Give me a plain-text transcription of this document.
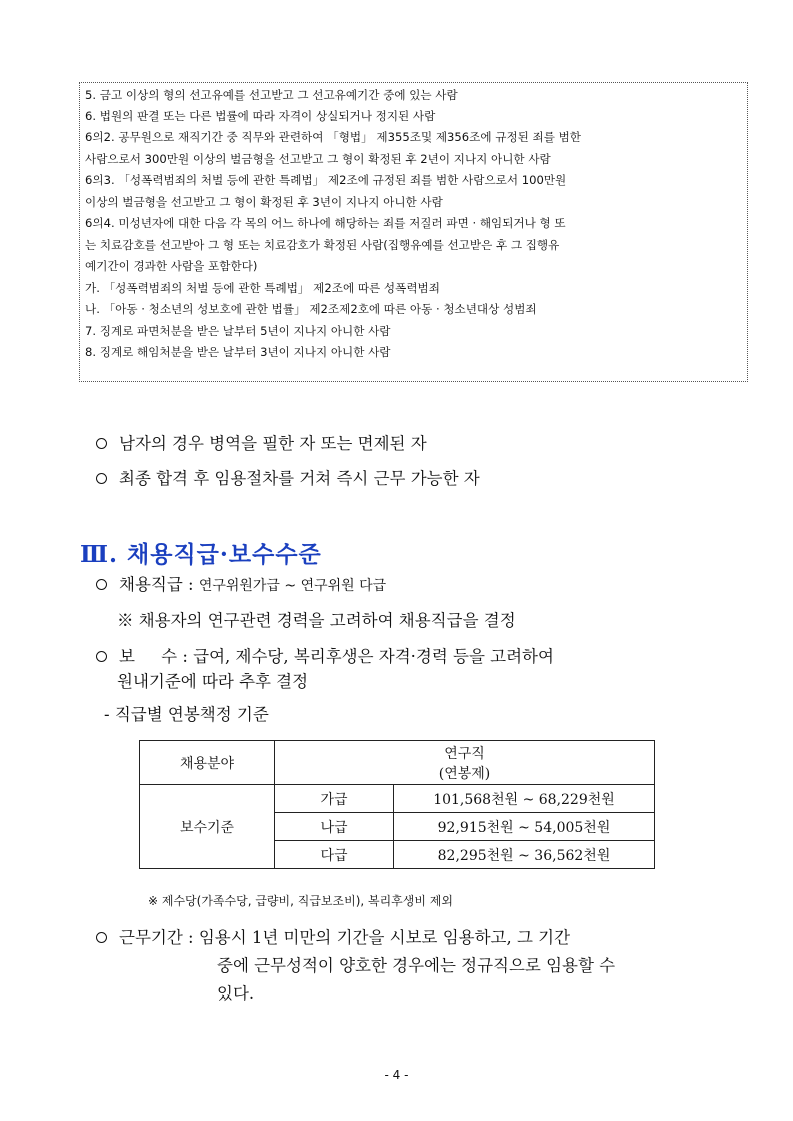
5. 금고 이상의 형의 선고유예를 선고받고 그 선고유예기간 중에 있는 사람
6. 법원의 판결 또는 다른 법률에 따라 자격이 상실되거나 정지된 사람
6의2. 공무원으로 재직기간 중 직무와 관련하여 「형법」 제355조및 제356조에 규정된 죄를 범한
사람으로서 300만원 이상의 벌금형을 선고받고 그 형이 확정된 후 2년이 지나지 아니한 사람
6의3. 「성폭력범죄의 처벌 등에 관한 특례법」 제2조에 규정된 죄를 범한 사람으로서 100만원
이상의 벌금형을 선고받고 그 형이 확정된 후 3년이 지나지 아니한 사람
6의4. 미성년자에 대한 다음 각 목의 어느 하나에 해당하는 죄를 저질러 파면 · 해임되거나 형 또
는 치료감호를 선고받아 그 형 또는 치료감호가 확정된 사람(집행유예를 선고받은 후 그 집행유
예기간이 경과한 사람을 포함한다)
가. 「성폭력범죄의 처벌 등에 관한 특례법」 제2조에 따른 성폭력범죄
나. 「아동 · 청소년의 성보호에 관한 법률」 제2조제2호에 따른 아동 · 청소년대상 성범죄
7. 징계로 파면처분을 받은 날부터 5년이 지나지 아니한 사람
8. 징계로 해임처분을 받은 날부터 3년이 지나지 아니한 사람
남자의 경우 병역을 필한 자 또는 면제된 자
최종 합격 후 임용절차를 거쳐 즉시 근무 가능한 자
Ⅲ. 채용직급·보수수준
채용직급 : 연구위원가급 ~ 연구위원 다급
※ 채용자의 연구관련 경력을 고려하여 채용직급을 결정
보     수 : 급여, 제수당, 복리후생은 자격·경력 등을 고려하여
원내기준에 따라 추후 결정
- 직급별 연봉책정 기준
채용분야	연구직
(연봉제)	

보수기준	가급	101,568천원 ~ 68,229천원
	나급	92,915천원 ~ 54,005천원
	다급	82,295천원 ~ 36,562천원
※ 제수당(가족수당, 급량비, 직급보조비), 복리후생비 제외
근무기간 : 임용시 1년 미만의 기간을 시보로 임용하고, 그 기간
중에 근무성적이 양호한 경우에는 정규직으로 임용할 수
있다.
- 4 -
